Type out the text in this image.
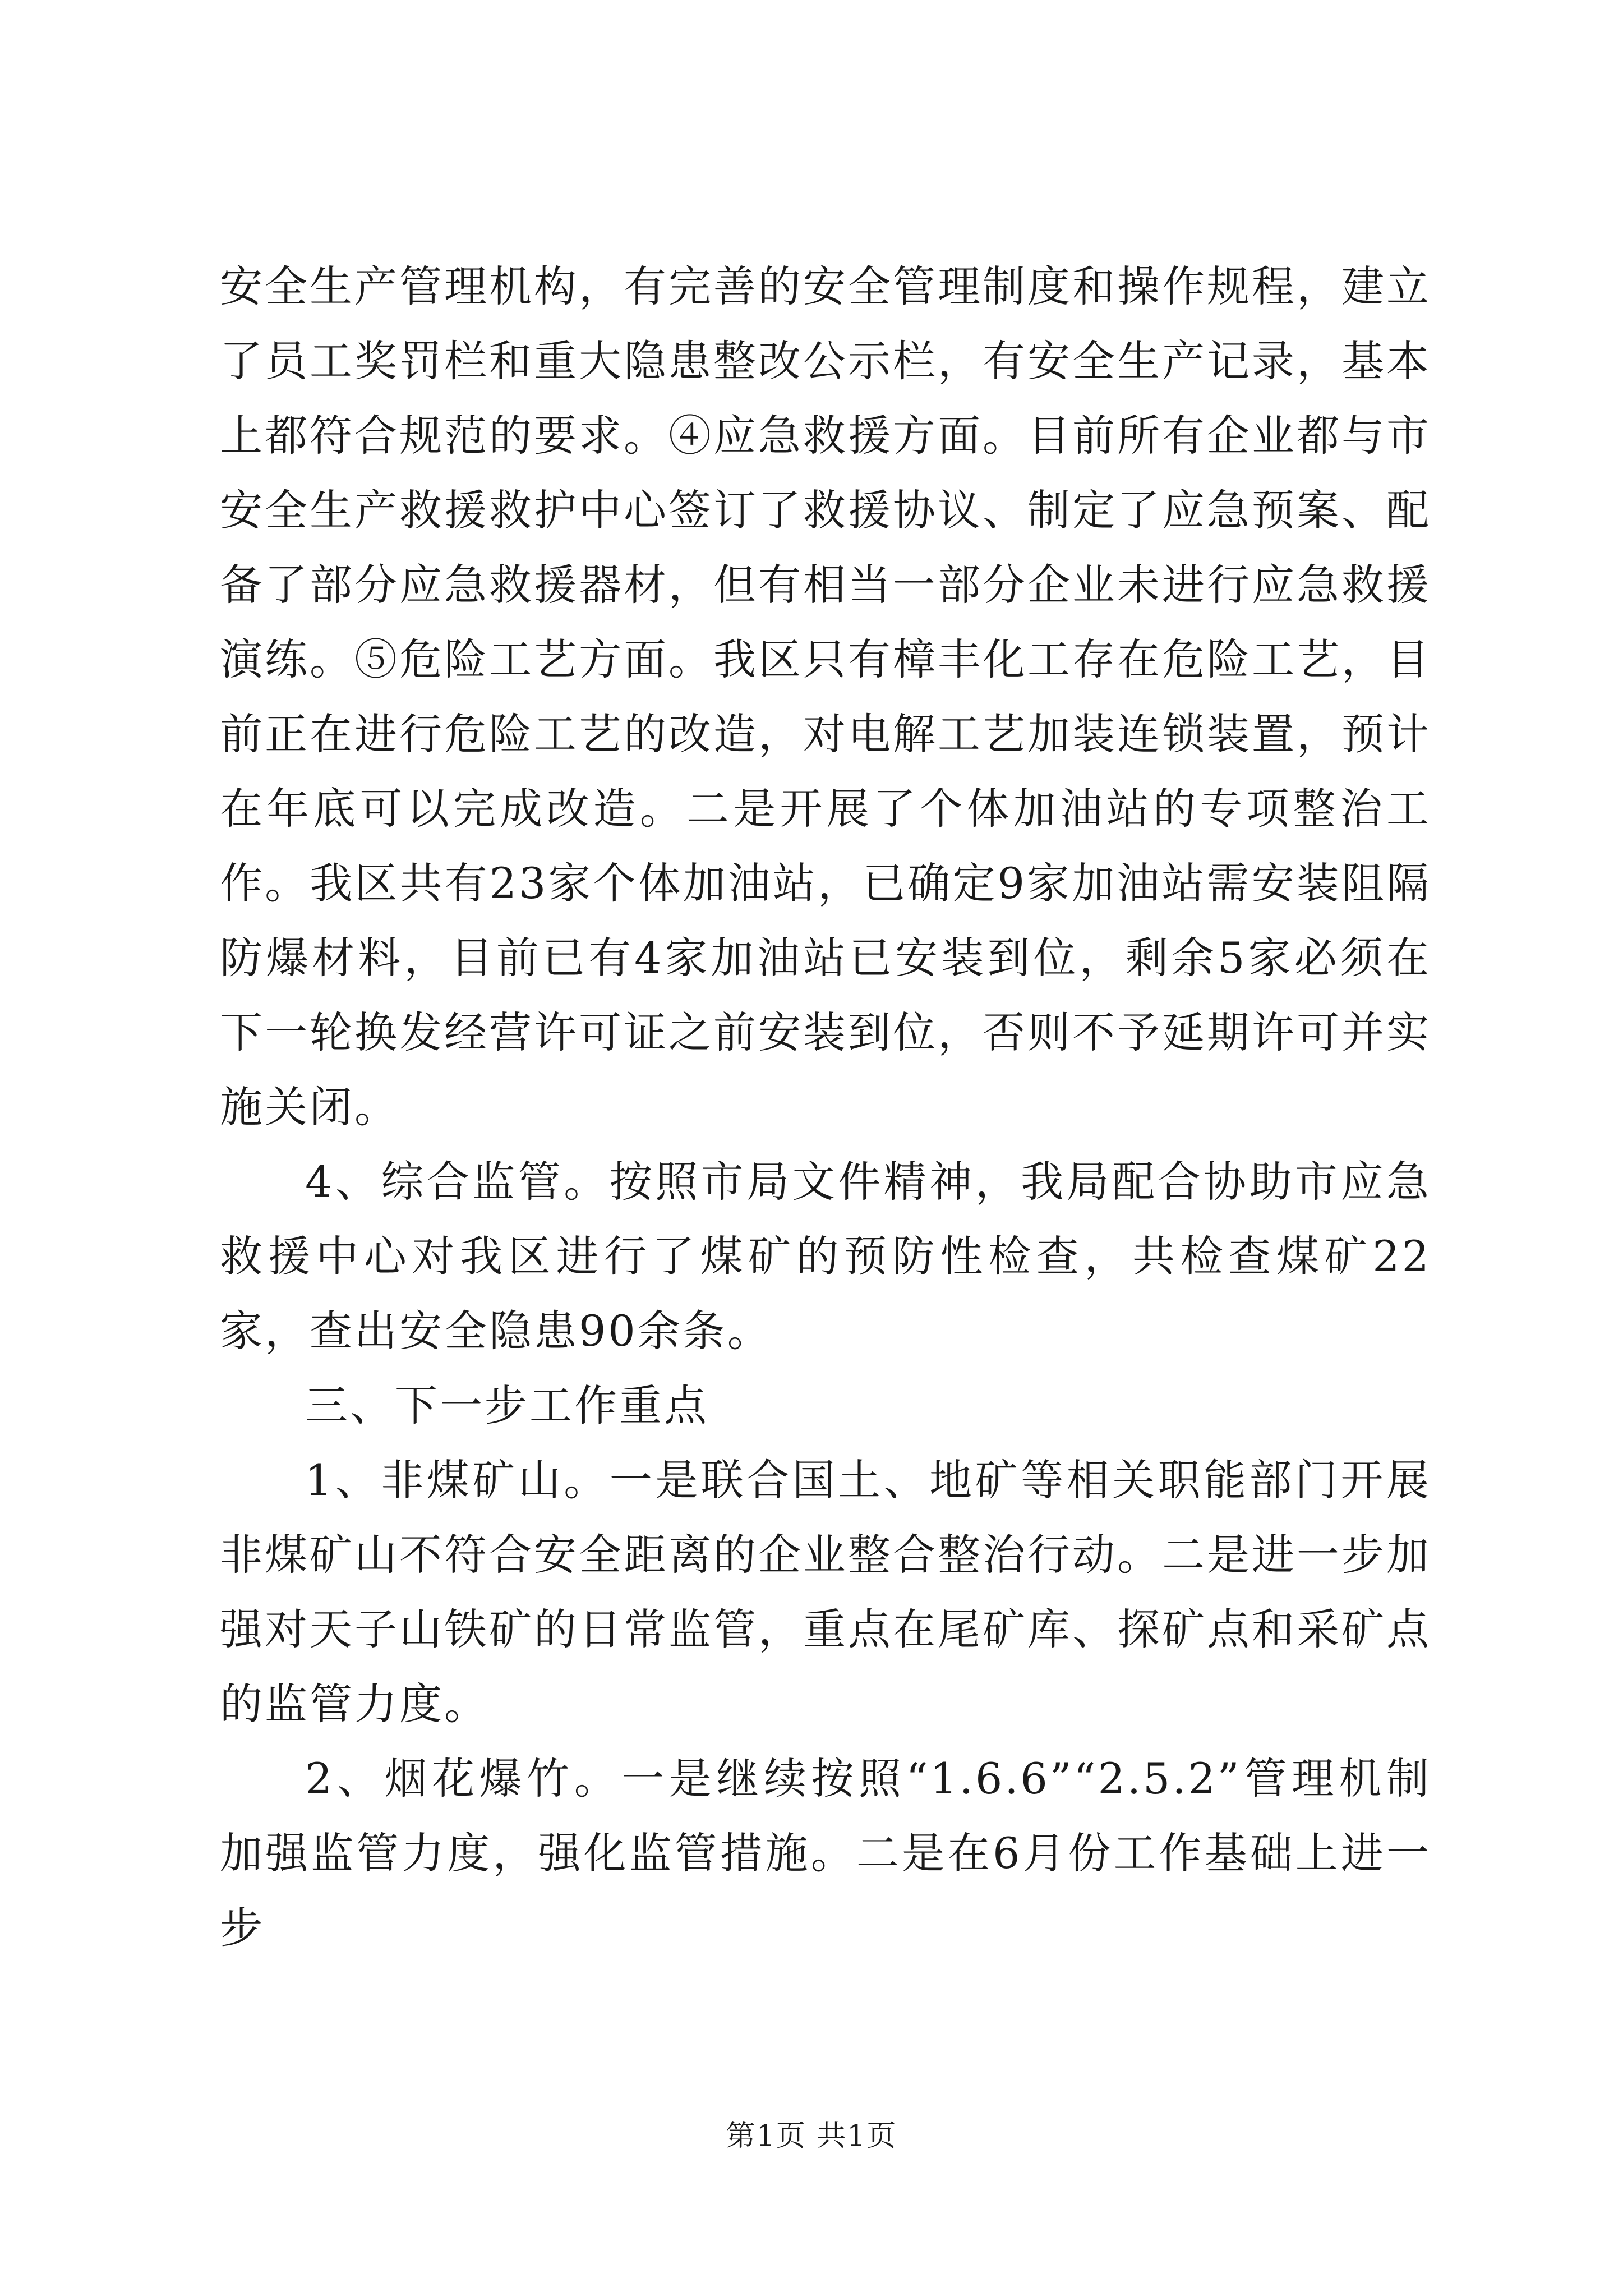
安全生产管理机构，有完善的安全管理制度和操作规程，建立了员工奖罚栏和重大隐患整改公示栏，有安全生产记录，基本上都符合规范的要求。④应急救援方面。目前所有企业都与市安全生产救援救护中心签订了救援协议、制定了应急预案、配备了部分应急救援器材，但有相当一部分企业未进行应急救援演练。⑤危险工艺方面。我区只有樟丰化工存在危险工艺，目前正在进行危险工艺的改造，对电解工艺加装连锁装置，预计在年底可以完成改造。二是开展了个体加油站的专项整治工作。我区共有23家个体加油站，已确定9家加油站需安装阻隔防爆材料，目前已有4家加油站已安装到位，剩余5家必须在下一轮换发经营许可证之前安装到位，否则不予延期许可并实施关闭。

4、综合监管。按照市局文件精神，我局配合协助市应急救援中心对我区进行了煤矿的预防性检查，共检查煤矿22家，查出安全隐患90余条。

三、下一步工作重点

1、非煤矿山。一是联合国土、地矿等相关职能部门开展非煤矿山不符合安全距离的企业整合整治行动。二是进一步加强对天子山铁矿的日常监管，重点在尾矿库、探矿点和采矿点的监管力度。

2、烟花爆竹。一是继续按照“1.6.6”“2.5.2”管理机制加强监管力度，强化监管措施。二是在6月份工作基础上进一步

第1页 共1页
